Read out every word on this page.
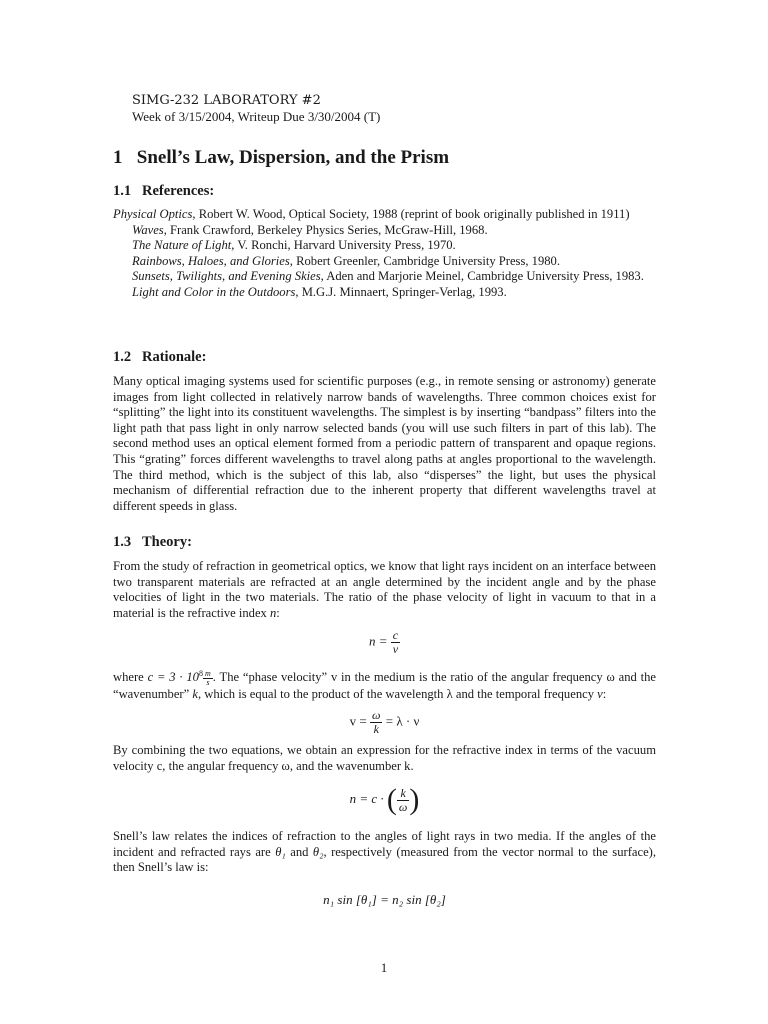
SIMG-232 LABORATORY #2
Week of 3/15/2004, Writeup Due 3/30/2004 (T)
1 Snell’s Law, Dispersion, and the Prism
1.1 References:
Physical Optics, Robert W. Wood, Optical Society, 1988 (reprint of book originally published in 1911)
Waves, Frank Crawford, Berkeley Physics Series, McGraw-Hill, 1968.
The Nature of Light, V. Ronchi, Harvard University Press, 1970.
Rainbows, Haloes, and Glories, Robert Greenler, Cambridge University Press, 1980.
Sunsets, Twilights, and Evening Skies, Aden and Marjorie Meinel, Cambridge University Press, 1983.
Light and Color in the Outdoors, M.G.J. Minnaert, Springer-Verlag, 1993.
1.2 Rationale:

Many optical imaging systems used for scientific purposes (e.g., in remote sensing or astronomy) generate images from light collected in relatively narrow bands of wavelengths. Three common choices exist for “splitting” the light into its constituent wavelengths. The simplest is by inserting “bandpass” filters into the light path that pass light in only narrow selected bands (you will use such filters in part of this lab). The second method uses an optical element formed from a periodic pattern of transparent and opaque regions. This “grating” forces different wavelengths to travel along paths at angles proportional to the wavelength. The third method, which is the subject of this lab, also “disperses” the light, but uses the physical mechanism of differential refraction due to the inherent property that different wavelengths travel at different speeds in glass.

1.3 Theory:

From the study of refraction in geometrical optics, we know that light rays incident on an interface between two transparent materials are refracted at an angle determined by the incident angle and by the phase velocities of light in the two materials. The ratio of the phase velocity of light in vacuum to that in a material is the refractive index n:

$n = \frac{c}{v}$

where $c = 3 \cdot 10^8 \frac{m}{s}$ . The “phase velocity” v in the medium is the ratio of the angular frequency ω and the “wavenumber” k, which is equal to the product of the wavelength λ and the temporal frequency ν:

$v = \frac{\omega}{k} = \lambda \cdot \nu$

By combining the two equations, we obtain an expression for the refractive index in terms of the vacuum velocity c, the angular frequency ω, and the wavenumber k.

n = c · ( $\frac{k}{\omega}$ )

Snell’s law relates the indices of refraction to the angles of light rays in two media. If the angles of the incident and refracted rays are θ₁ and θ₂, respectively (measured from the vector normal to the surface), then Snell’s law is:

n₁ sin [θ₁] = n₂ sin [θ₂]
1
